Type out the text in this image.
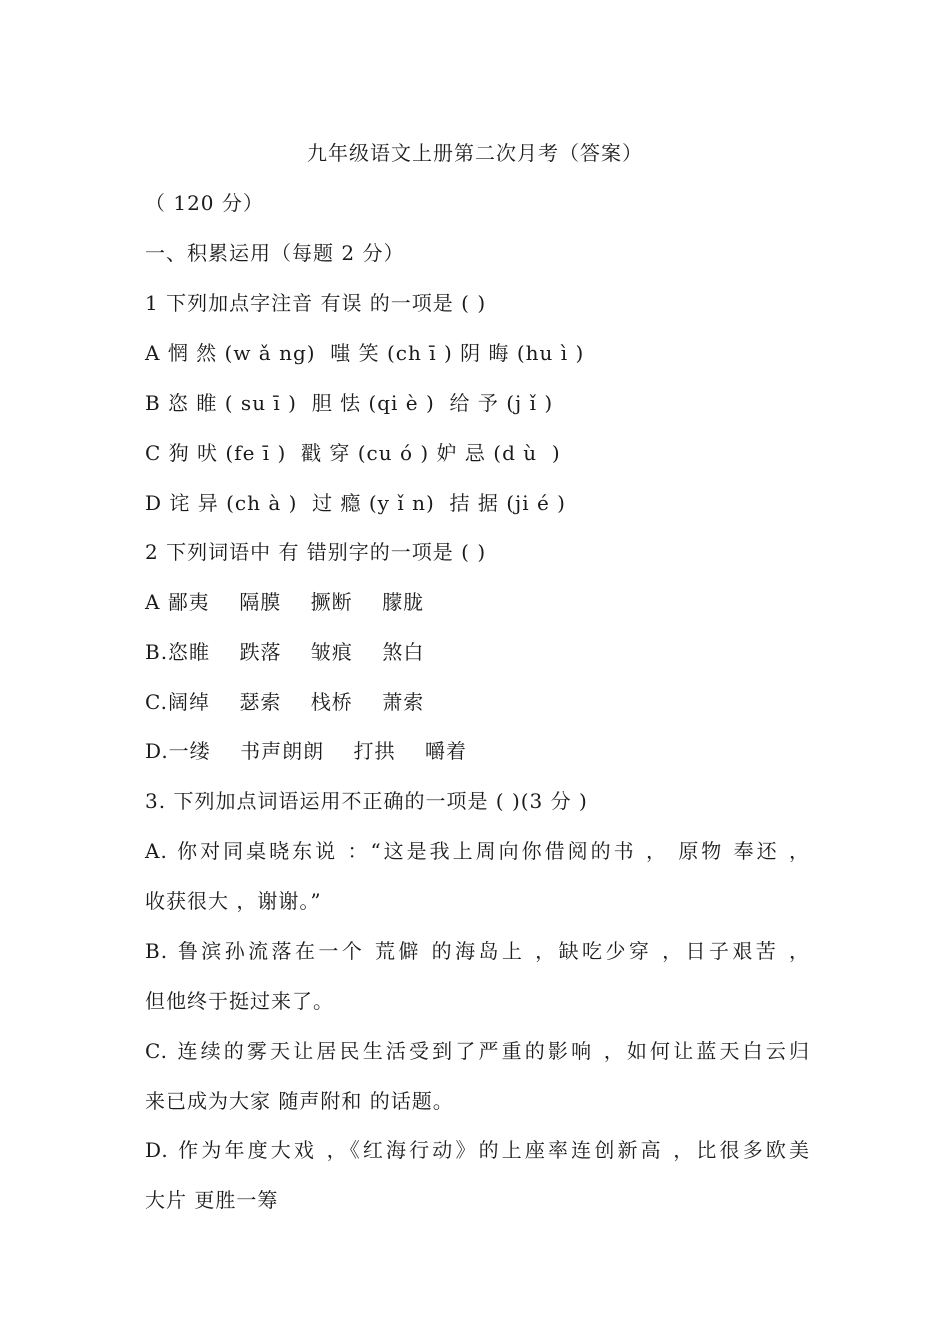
九年级语文上册第二次月考（答案）
（ 120 分）
一、积累运用（每题 2 分）
1 下列加点字注音 有误 的一项是 ( )
A 惘 然 (w ǎ ng)  嗤 笑 (ch ī ) 阴 晦 (hu ì )
B 恣 睢 ( su ī )  胆 怯 (qi è )  给 予 (j ǐ )
C 狗 吠 (fe ī )  戳 穿 (cu ó ) 妒 忌 (d ù  )
D 诧 异 (ch à )  过 瘾 (y ǐ n)  拮 据 (ji é )
2 下列词语中 有 错别字的一项是 ( )
A 鄙夷    隔膜    撅断    朦胧
B.恣睢    跌落    皱痕    煞白
C.阔绰    瑟索    栈桥    萧索
D.一缕    书声朗朗    打拱    嚼着
3. 下列加点词语运用不正确的一项是 ( )(3 分 )
A. 你对同桌晓东说 ：“这是我上周向你借阅的书 ， 原物 奉还 ，
收获很大 ，谢谢。”
B. 鲁滨孙流落在一个 荒僻 的海岛上 ，缺吃少穿 ，日子艰苦 ，
但他终于挺过来了。
C. 连续的雾天让居民生活受到了严重的影响 ，如何让蓝天白云归
来已成为大家 随声附和 的话题。
D. 作为年度大戏 ，《红海行动》的上座率连创新高 ，比很多欧美
大片 更胜一筹
